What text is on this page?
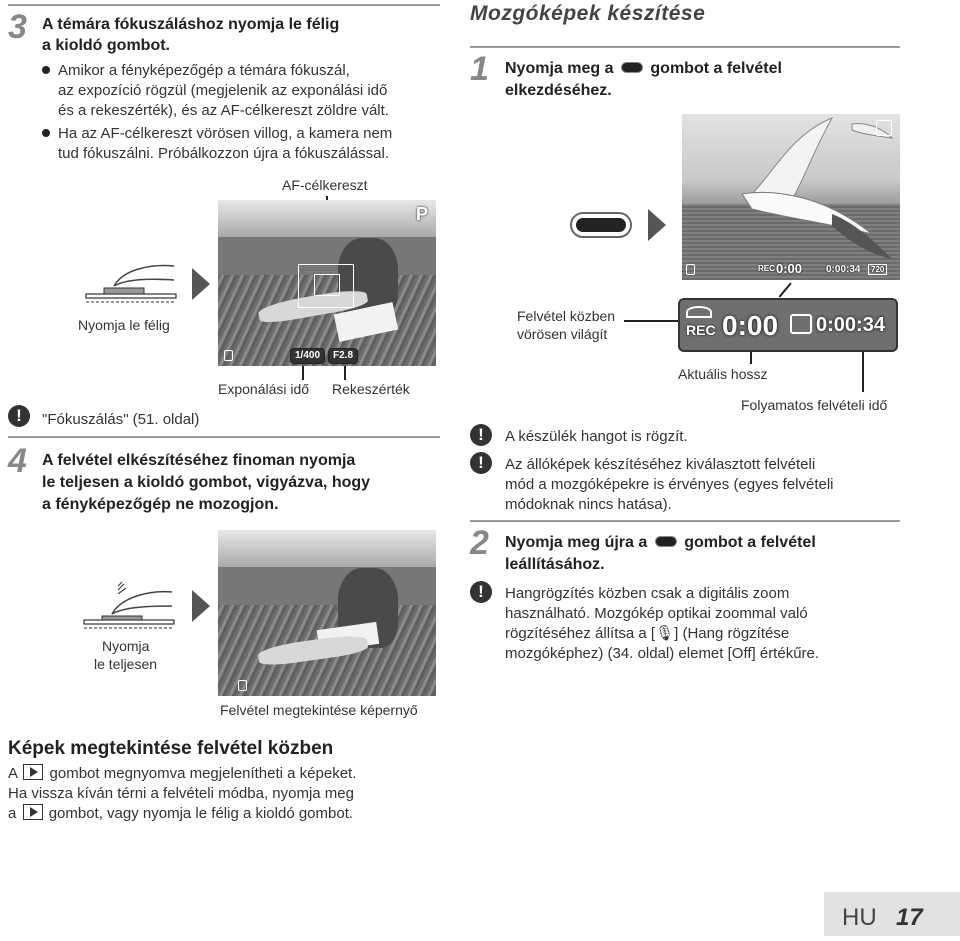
3 A témára fókuszáláshoz nyomja le félig
a kioldó gombot.
Amikor a fényképezőgép a témára fókuszál,
az expozíció rögzül (megjelenik az exponálási idő
és a rekeszérték), és az AF-célkereszt zöldre vált.
Ha az AF-célkereszt vörösen villog, a kamera nem
tud fókuszálni. Próbálkozzon újra a fókuszálással.
AF-célkereszt
Nyomja le félig
P
1/400	F2.8
Exponálási idő Rekeszérték
!	"Fókuszálás" (51. oldal)
4 A felvétel elkészítéséhez finoman nyomja
le teljesen a kioldó gombot, vigyázva, hogy
a fényképezőgép ne mozogjon.
Nyomja
le teljesen
Felvétel megtekintése képernyő
Képek megtekintése felvétel közben
A gombot megnyomva megjelenítheti a képeket.
Ha vissza kíván térni a felvételi módba, nyomja meg
a gombot, vagy nyomja le félig a kioldó gombot.
Mozgóképek készítése
1 Nyomja meg a gombot a felvétel
elkezdéséhez.
REC 0:00 0:00:34	720
Felvétel közben
vörösen világít	REC 0:00 0:00:34
Aktuális hossz
Folyamatos felvételi idő
!	A készülék hangot is rögzít.
!	Az állóképek készítéséhez kiválasztott felvételi
mód a mozgóképekre is érvényes (egyes felvételi
módoknak nincs hatása).
2 Nyomja meg újra a gombot a felvétel
leállításához.
!	Hangrögzítés közben csak a digitális zoom
használható. Mozgókép optikai zoommal való
rögzítéséhez állítsa a [🎙] (Hang rögzítése
mozgóképhez) (34. oldal) elemet [Off] értékűre.
HU 17
